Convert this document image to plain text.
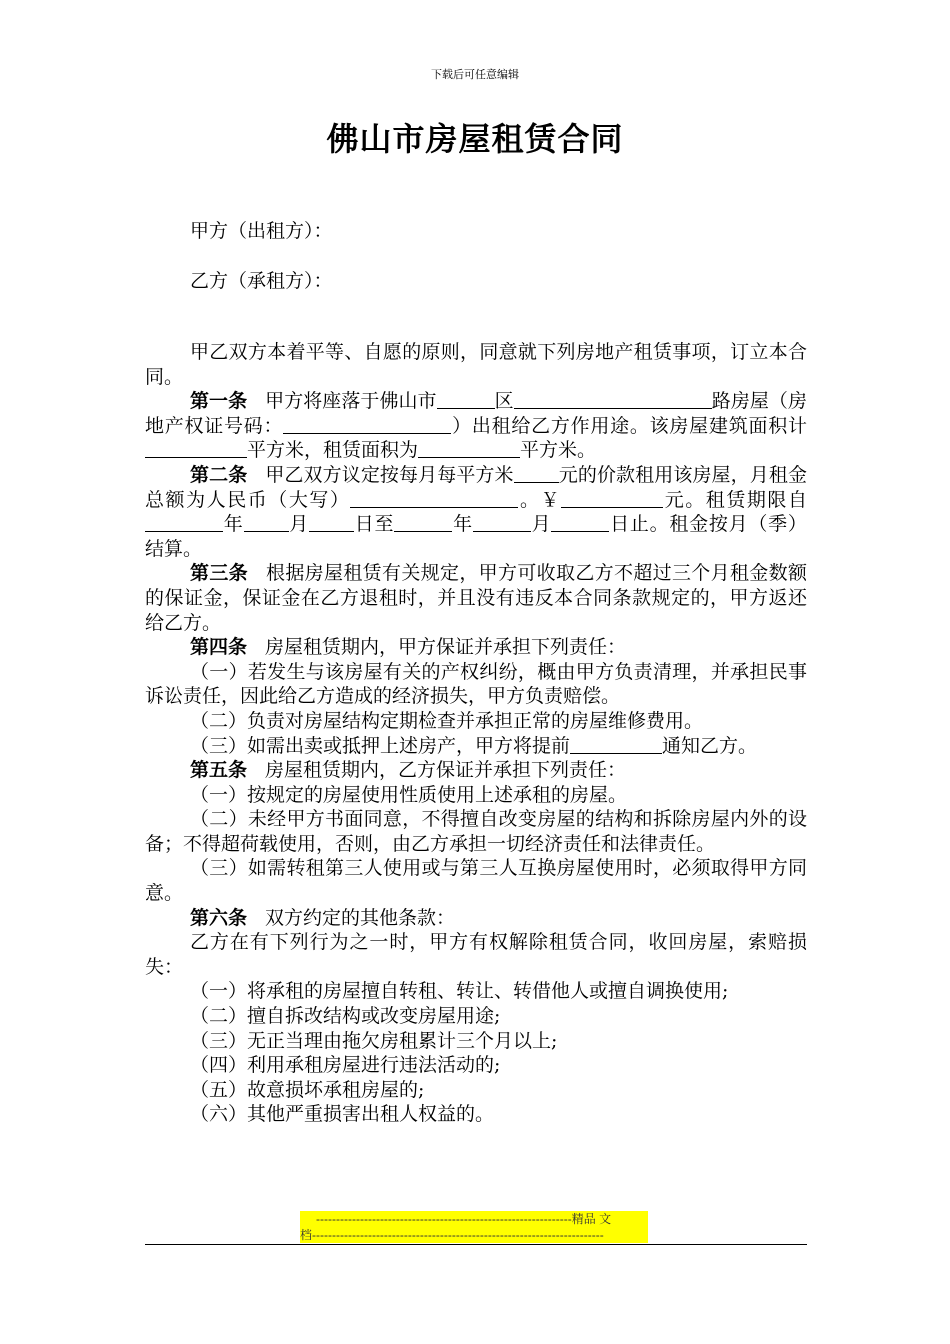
下载后可任意编辑
佛山市房屋租赁合同
甲方（出租方）：
乙方（承租方）：

甲乙双方本着平等、自愿的原则，同意就下列房地产租赁事项，订立本合同。

第一条 甲方将座落于佛山市	区	路房屋（房地产权证号码：	）出租给乙方作用途。该房屋建筑面积计平方米，租赁面积为	平方米。

第二条 甲乙双方议定按每月每平方米 元的价款租用该房屋，月租金总额为人民币（大写）	。￥	元。租赁期限自年 月 日至	年	月	日止。租金按月（季）结算。

第三条 根据房屋租赁有关规定，甲方可收取乙方不超过三个月租金数额的保证金，保证金在乙方退租时，并且没有违反本合同条款规定的，甲方返还给乙方。

第四条 房屋租赁期内，甲方保证并承担下列责任：

（一）若发生与该房屋有关的产权纠纷，概由甲方负责清理，并承担民事诉讼责任，因此给乙方造成的经济损失，甲方负责赔偿。

（二）负责对房屋结构定期检查并承担正常的房屋维修费用。

（三）如需出卖或抵押上述房产，甲方将提前	通知乙方。

第五条 房屋租赁期内，乙方保证并承担下列责任：

（一）按规定的房屋使用性质使用上述承租的房屋。

（二）未经甲方书面同意，不得擅自改变房屋的结构和拆除房屋内外的设备；不得超荷载使用，否则，由乙方承担一切经济责任和法律责任。

（三）如需转租第三人使用或与第三人互换房屋使用时，必须取得甲方同意。

第六条 双方约定的其他条款：

乙方在有下列行为之一时，甲方有权解除租赁合同，收回房屋，索赔损失：

（一）将承租的房屋擅自转租、转让、转借他人或擅自调换使用;

（二）擅自拆改结构或改变房屋用途;

（三）无正当理由拖欠房租累计三个月以上;

（四）利用承租房屋进行违法活动的;

（五）故意损坏承租房屋的;

（六）其他严重损害出租人权益的。

----------------------------------------------------------------精品 文
档-------------------------------------------------------------------------
